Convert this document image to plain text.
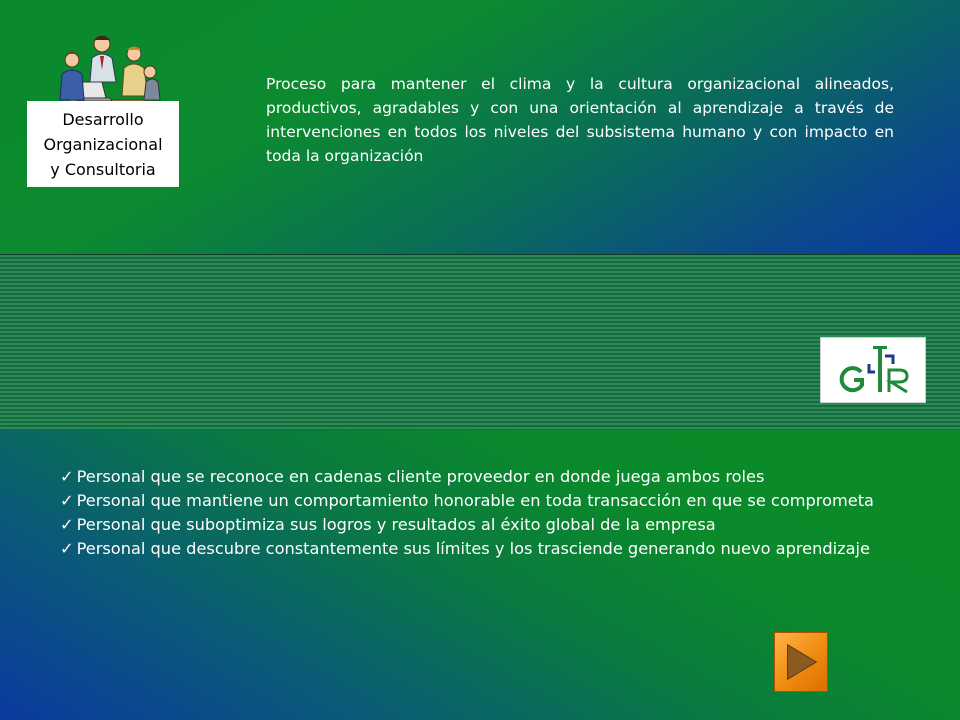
Desarrollo
Organizacional
y Consultoria

Proceso para mantener el clima y la cultura organizacional alineados, productivos, agradables y con una orientación al aprendizaje a través de intervenciones en todos los niveles del subsistema humano y con impacto en toda la organización

✓ Personal que se reconoce en cadenas cliente proveedor en donde juega ambos roles
✓ Personal que mantiene un comportamiento honorable en toda transacción en que se comprometa
✓ Personal que suboptimiza sus logros y resultados al éxito global de la empresa
✓ Personal que descubre constantemente sus límites y los trasciende generando nuevo aprendizaje
